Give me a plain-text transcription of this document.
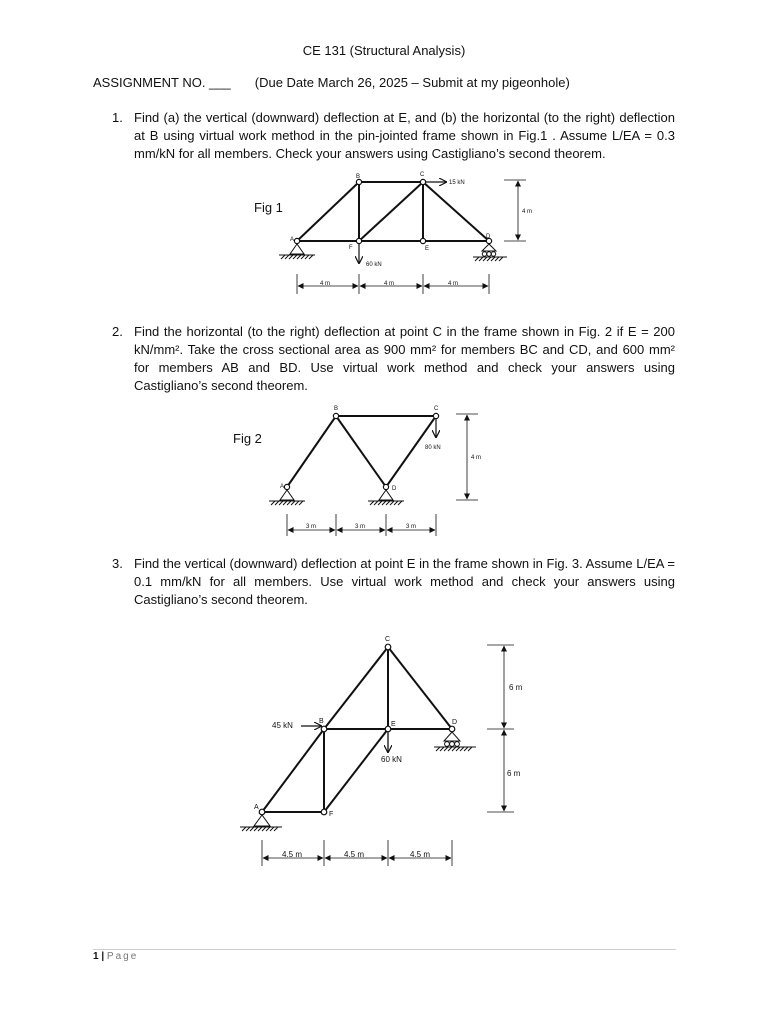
CE 131 (Structural Analysis)
ASSIGNMENT NO. ___ (Due Date March 26, 2025 – Submit at my pigeonhole)
1. Find (a) the vertical (downward) deflection at E, and (b) the horizontal (to the right) deflection at B using virtual work method in the pin-jointed frame shown in Fig.1 . Assume L/EA = 0.3 mm/kN for all members. Check your answers using Castigliano’s second theorem.
Fig 1
A
B	C
D
E
F
15 kN
60 kN
4 m
4 m	4 m	4 m
2. Find the horizontal (to the right) deflection at point C in the frame shown in Fig. 2 if E = 200 kN/mm². Take the cross sectional area as 900 mm² for members BC and CD, and 600 mm² for members AB and BD. Use virtual work method and check your answers using Castigliano’s second theorem.
Fig 2
A
B	C
D
80 kN
4 m
3 m	3 m	3 m
3. Find the vertical (downward) deflection at point E in the frame shown in Fig. 3. Assume L/EA = 0.1 mm/kN for all members. Use virtual work method and check your answers using Castigliano’s second theorem.
A
B
C
D
E
F
45 kN
60 kN
6 m
6 m
4.5 m	4.5 m	4.5 m
1 | Page
